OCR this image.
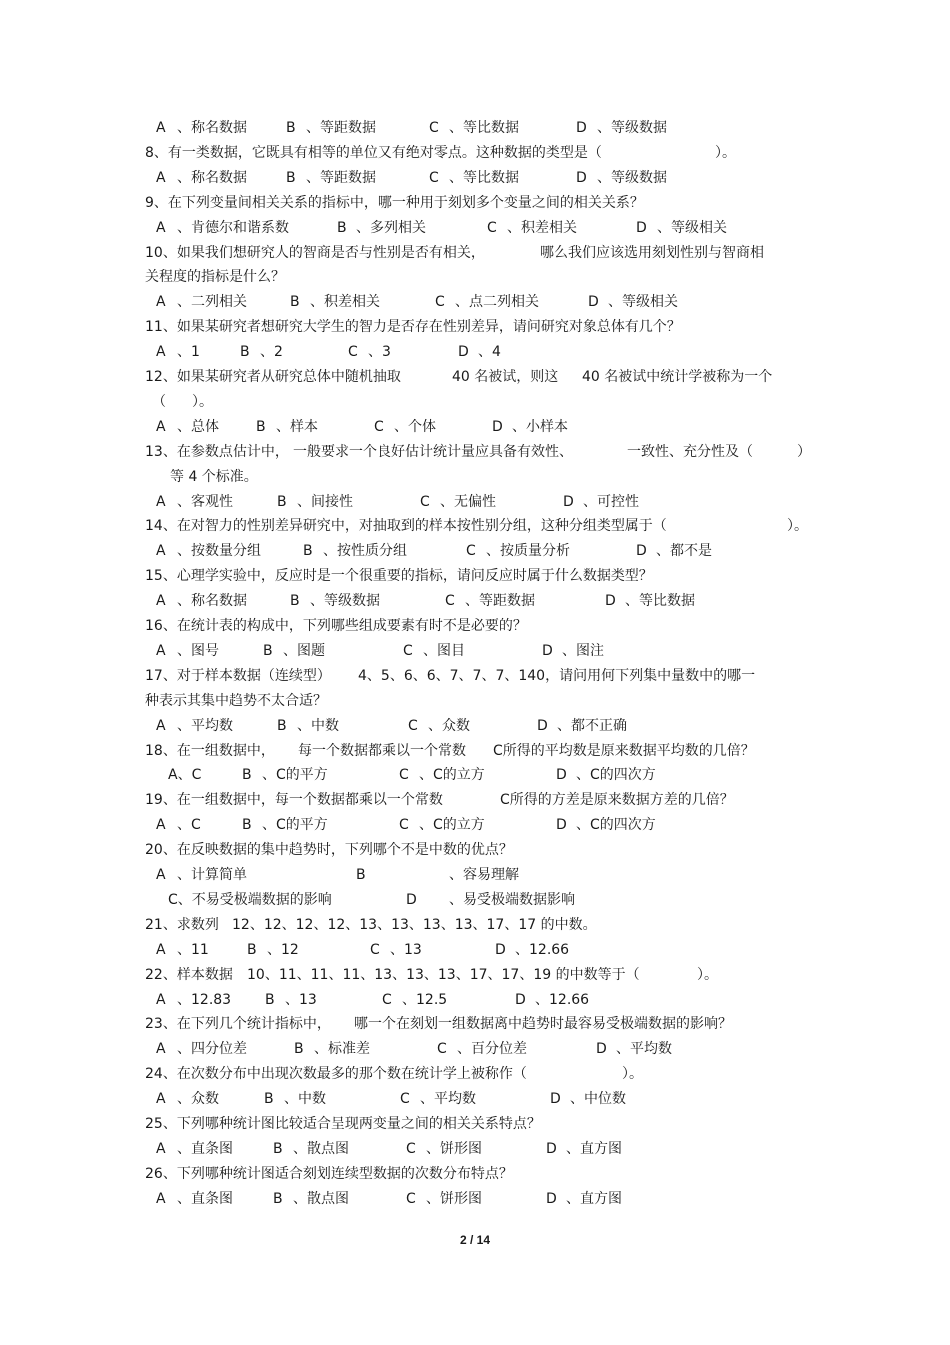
A 、称名数据	B 、等距数据	C 、等比数据	D 、等级数据
8、有一类数据，它既具有相等的单位又有绝对零点。这种数据的类型是（	）。
A 、称名数据	B 、等距数据	C 、等比数据	D 、等级数据
9、在下列变量间相关关系的指标中，哪一种用于刻划多个变量之间的相关关系？
A 、肯德尔和谐系数	B 、多列相关	C 、积差相关	D 、等级相关
10、如果我们想研究人的智商是否与性别是否有相关，	哪么我们应该选用刻划性别与智商相
关程度的指标是什么？
A 、二列相关	B 、积差相关	C 、点二列相关	D 、等级相关
11、如果某研究者想研究大学生的智力是否存在性别差异，请问研究对象总体有几个？
A 、1	B 、2	C 、3	D 、4
12、如果某研究者从研究总体中随机抽取	40 名被试，则这 40 名被试中统计学被称为一个
（ ）。
A 、总体	B 、样本	C 、个体	D 、小样本
13、在参数点估计中， 一般要求一个良好估计统计量应具备有效性、	一致性、充分性及（	）
等 4 个标准。
A 、客观性	B 、间接性	C 、无偏性	D 、可控性
14、在对智力的性别差异研究中，对抽取到的样本按性别分组，这种分组类型属于（	）。
A 、按数量分组	B 、按性质分组	C 、按质量分析	D 、都不是
15、心理学实验中，反应时是一个很重要的指标，请问反应时属于什么数据类型？
A 、称名数据	B 、等级数据	C 、等距数据	D 、等比数据
16、在统计表的构成中，下列哪些组成要素有时不是必要的？
A 、图号	B 、图题	C 、图目	D 、图注
17、对于样本数据（连续型） 4、5、6、6、7、7、7、140，请问用何下列集中量数中的哪一
种表示其集中趋势不太合适？
A 、平均数	B 、中数	C 、众数	D 、都不正确
18、在一组数据中， 每一个数据都乘以一个常数 C所得的平均数是原来数据平均数的几倍？
A、C	B 、C的平方	C 、C的立方	D 、C的四次方
19、在一组数据中，每一个数据都乘以一个常数	C所得的方差是原来数据方差的几倍？
A 、C	B 、C的平方	C 、C的立方	D 、C的四次方
20、在反映数据的集中趋势时，下列哪个不是中数的优点？
A 、计算简单	B	、容易理解
C、不易受极端数据的影响	D 、易受极端数据影响
21、求数列 12、12、12、12、13、13、13、13、17、17 的中数。
A 、11	B 、12	C 、13	D 、12.66
22、样本数据 10、11、11、11、13、13、13、17、17、19 的中数等于（	）。
A 、12.83 B 、13	C 、12.5	D 、12.66
23、在下列几个统计指标中， 哪一个在刻划一组数据离中趋势时最容易受极端数据的影响？
A 、四分位差	B 、标准差	C 、百分位差	D 、平均数
24、在次数分布中出现次数最多的那个数在统计学上被称作（	）。
A 、众数	B 、中数	C 、平均数	D 、中位数
25、下列哪种统计图比较适合呈现两变量之间的相关关系特点？
A 、直条图	B 、散点图	C 、饼形图	D 、直方图
26、下列哪种统计图适合刻划连续型数据的次数分布特点？
A 、直条图	B 、散点图	C 、饼形图	D 、直方图
2 / 14
